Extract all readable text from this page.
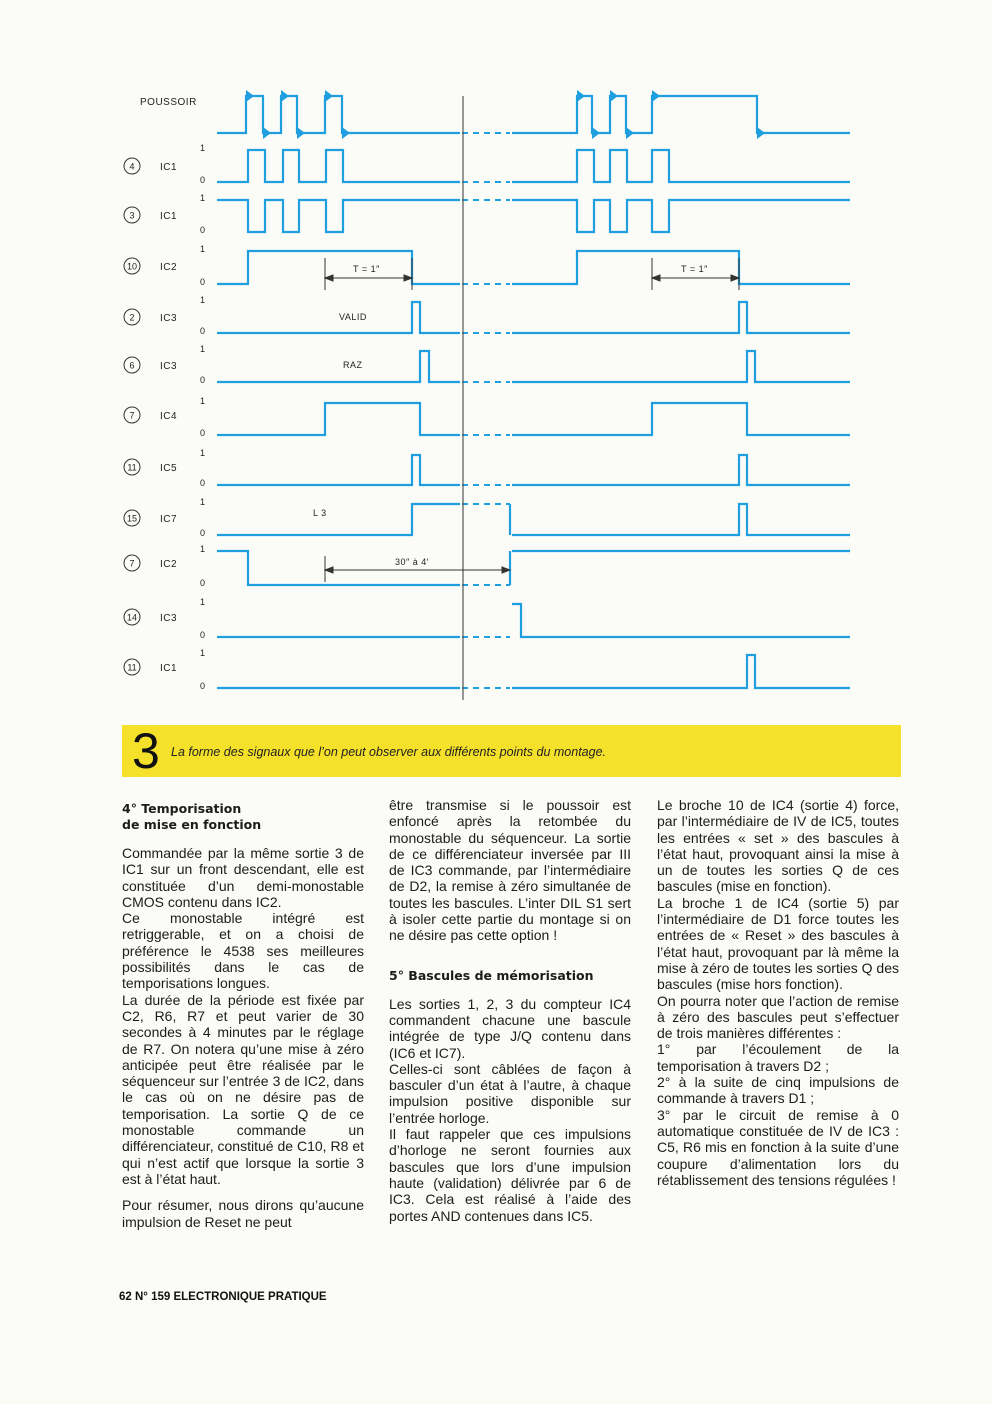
T = 1″	T = 1″
VALID
RAZ
L 3
30″ à 4′
POUSSOIR
4	IC1
1
0
3	IC1
1
0
10 IC2
1
0
2	IC3
1
0
6	IC3
1
0
7	IC4
1
0
11 IC5
1
0
15 IC7
1
0
7	IC2
1
0
14 IC3
1
0
11 IC1
1
0
3 La forme des signaux que l’on peut observer aux différents points du montage.
4° Temporisation
de mise en fonction

Commandée par la même sortie 3 de IC1 sur un front descendant, elle est constituée d’un demi-monostable CMOS contenu dans IC2.

Ce monostable intégré est retriggerable, et on a choisi de préférence le 4538 ses meilleures possibilités dans le cas de temporisations longues.

La durée de la période est fixée par C2, R6, R7 et peut varier de 30 secondes à 4 minutes par le réglage de R7. On notera qu’une mise à zéro anticipée peut être réalisée par le séquenceur sur l’entrée 3 de IC2, dans le cas où on ne désire pas de temporisation. La sortie Q de ce monostable commande un différenciateur, constitué de C10, R8 et qui n’est actif que lorsque la sortie 3 est à l’état haut.

Pour résumer, nous dirons qu’aucune impulsion de Reset ne peut

être transmise si le poussoir est enfoncé après la retombée du monostable du séquenceur. La sortie de ce différenciateur inversée par III de IC3 commande, par l’intermédiaire de D2, la remise à zéro simultanée de toutes les bascules. L’inter DIL S1 sert à isoler cette partie du montage si on ne désire pas cette option !

5° Bascules de mémorisation

Les sorties 1, 2, 3 du compteur IC4 commandent chacune une bascule intégrée de type J/Q contenu dans (IC6 et IC7).

Celles-ci sont câblées de façon à basculer d’un état à l’autre, à chaque impulsion positive disponible sur l’entrée horloge.

Il faut rappeler que ces impulsions d’horloge ne seront fournies aux bascules que lors d’une impulsion haute (validation) délivrée par 6 de IC3. Cela est réalisé à l’aide des portes AND contenues dans IC5.

Le broche 10 de IC4 (sortie 4) force, par l’intermédiaire de IV de IC5, toutes les entrées « set » des bascules à l’état haut, provoquant ainsi la mise à un de toutes les sorties Q de ces bascules (mise en fonction).

La broche 1 de IC4 (sortie 5) par l’intermédiaire de D1 force toutes les entrées de « Reset » des bascules à l’état haut, provoquant par là même la mise à zéro de toutes les sorties Q des bascules (mise hors fonction).

On pourra noter que l’action de remise à zéro des bascules peut s’effectuer de trois manières différentes :

1° par l’écoulement de la temporisation à travers D2 ;

2° à la suite de cinq impulsions de commande à travers D1 ;

3° par le circuit de remise à 0 automatique constituée de IV de IC3 : C5, R6 mis en fonction à la suite d’une coupure d’alimentation lors du rétablissement des tensions régulées !

62 N° 159 ELECTRONIQUE PRATIQUE
